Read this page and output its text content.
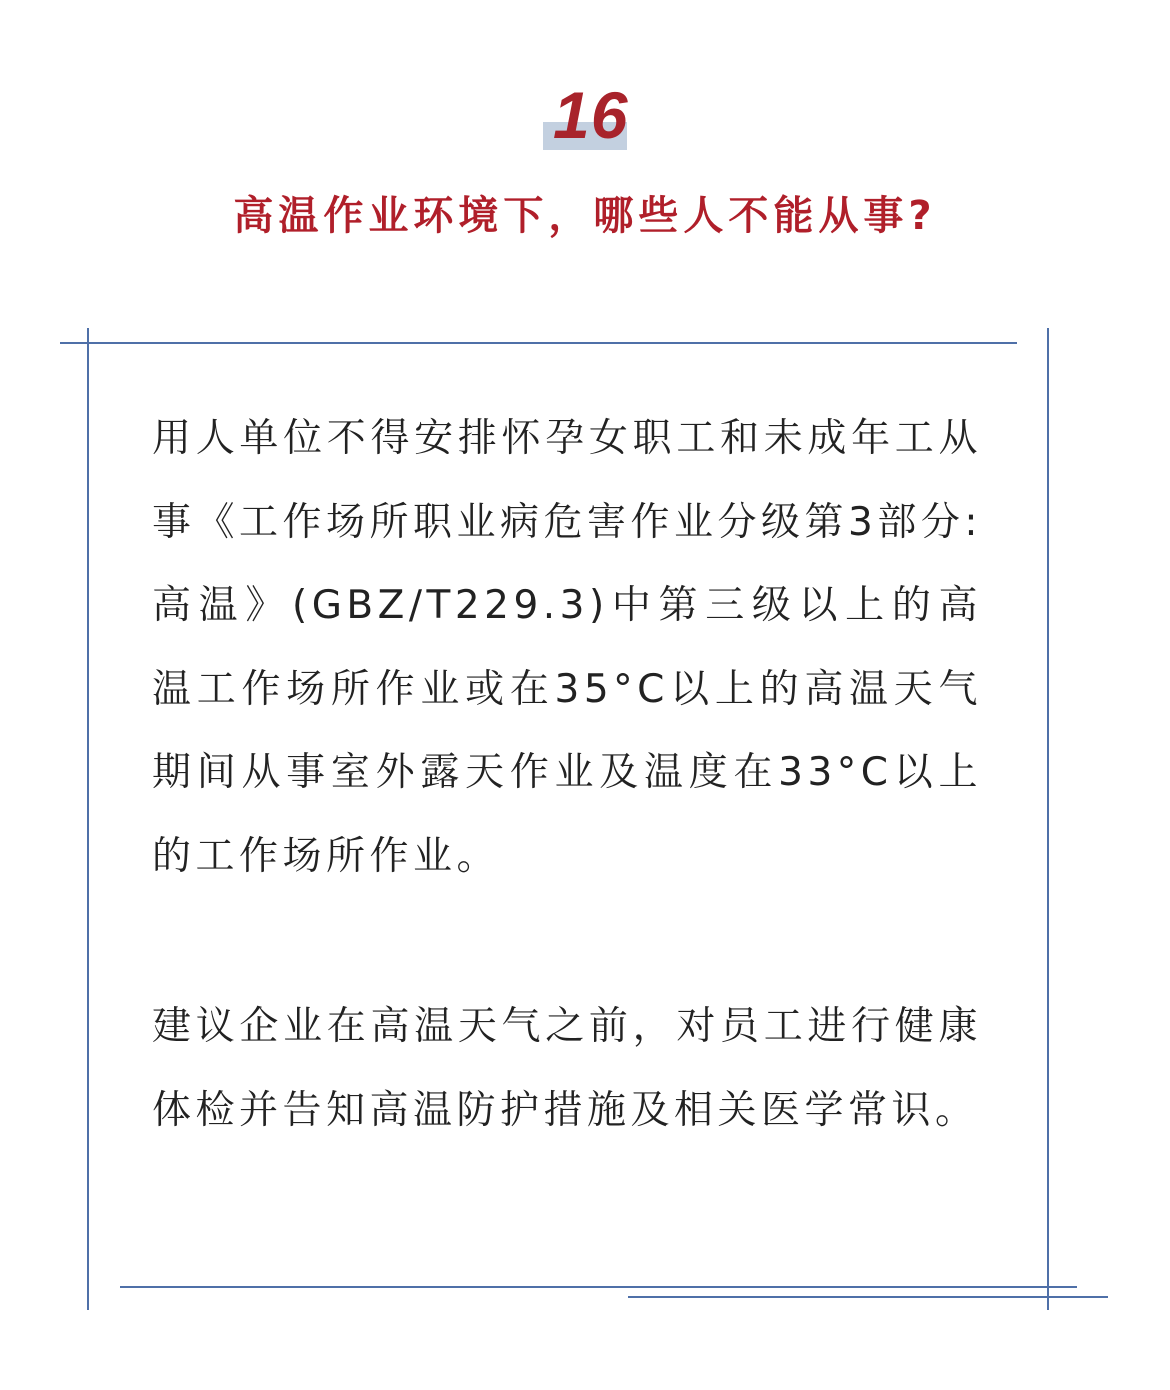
16
高温作业环境下，哪些人不能从事?

用人单位不得安排怀孕女职工和未成年工从事《工作场所职业病危害作业分级第3部分:高温》(GBZ/T229.3)中第三级以上的高温工作场所作业或在35°C以上的高温天气期间从事室外露天作业及温度在33°C以上的工作场所作业。

建议企业在高温天气之前，对员工进行健康体检并告知高温防护措施及相关医学常识。
